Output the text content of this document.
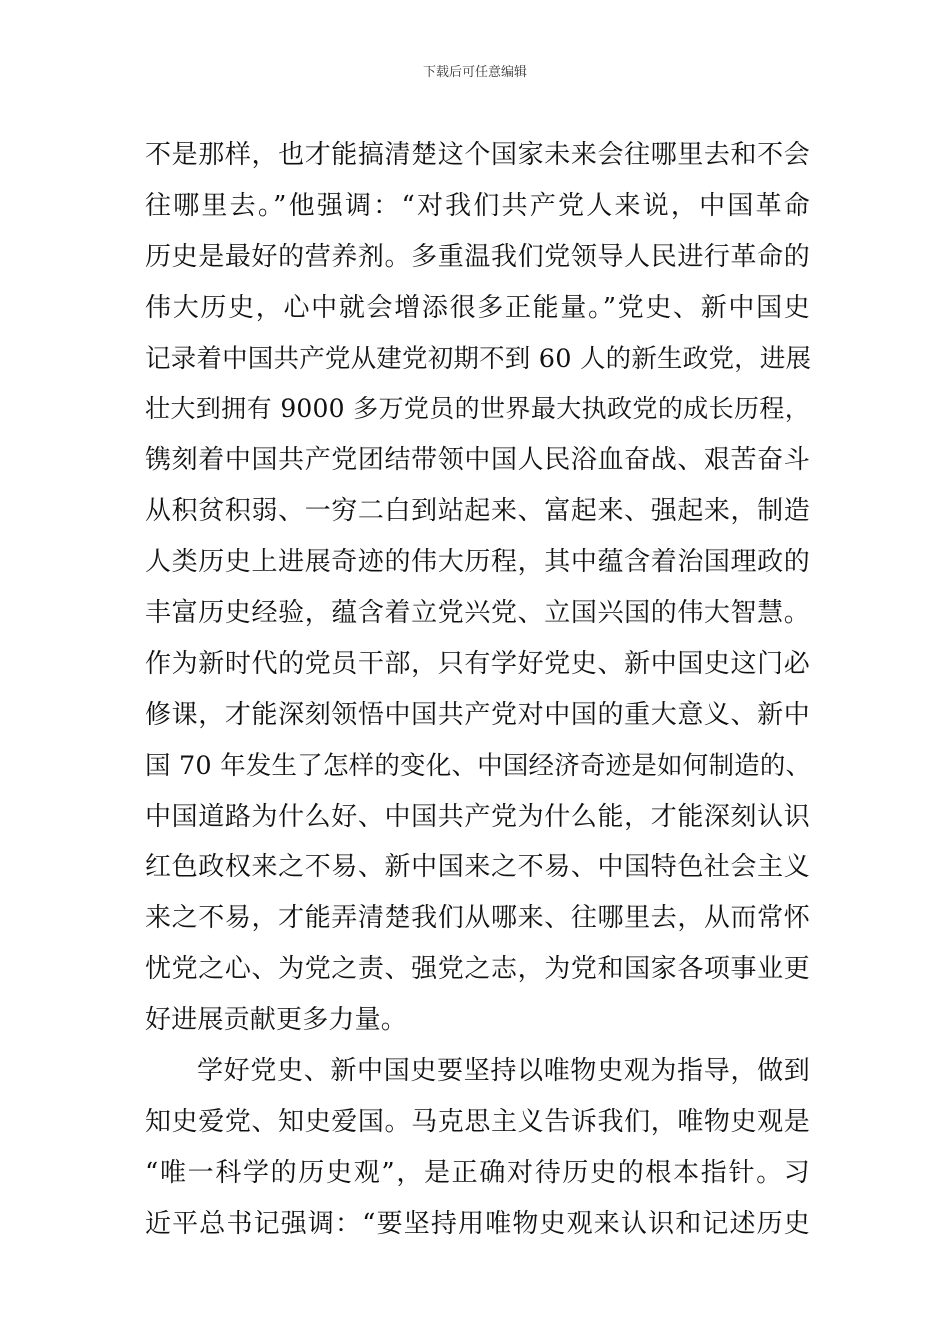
下载后可任意编辑
不是那样，也才能搞清楚这个国家未来会往哪里去和不会
往哪里去。”他强调：“对我们共产党人来说，中国革命
历史是最好的营养剂。多重温我们党领导人民进行革命的
伟大历史，心中就会增添很多正能量。”党史、新中国史
记录着中国共产党从建党初期不到 60 人的新生政党，进展
壮大到拥有 9000 多万党员的世界最大执政党的成长历程，
镌刻着中国共产党团结带领中国人民浴血奋战、艰苦奋斗
从积贫积弱、一穷二白到站起来、富起来、强起来，制造
人类历史上进展奇迹的伟大历程，其中蕴含着治国理政的
丰富历史经验，蕴含着立党兴党、立国兴国的伟大智慧。
作为新时代的党员干部，只有学好党史、新中国史这门必
修课，才能深刻领悟中国共产党对中国的重大意义、新中
国 70 年发生了怎样的变化、中国经济奇迹是如何制造的、
中国道路为什么好、中国共产党为什么能，才能深刻认识
红色政权来之不易、新中国来之不易、中国特色社会主义
来之不易，才能弄清楚我们从哪来、往哪里去，从而常怀
忧党之心、为党之责、强党之志，为党和国家各项事业更
好进展贡献更多力量。
学好党史、新中国史要坚持以唯物史观为指导，做到
知史爱党、知史爱国。马克思主义告诉我们，唯物史观是
“唯一科学的历史观”，是正确对待历史的根本指针。习
近平总书记强调：“要坚持用唯物史观来认识和记述历史
